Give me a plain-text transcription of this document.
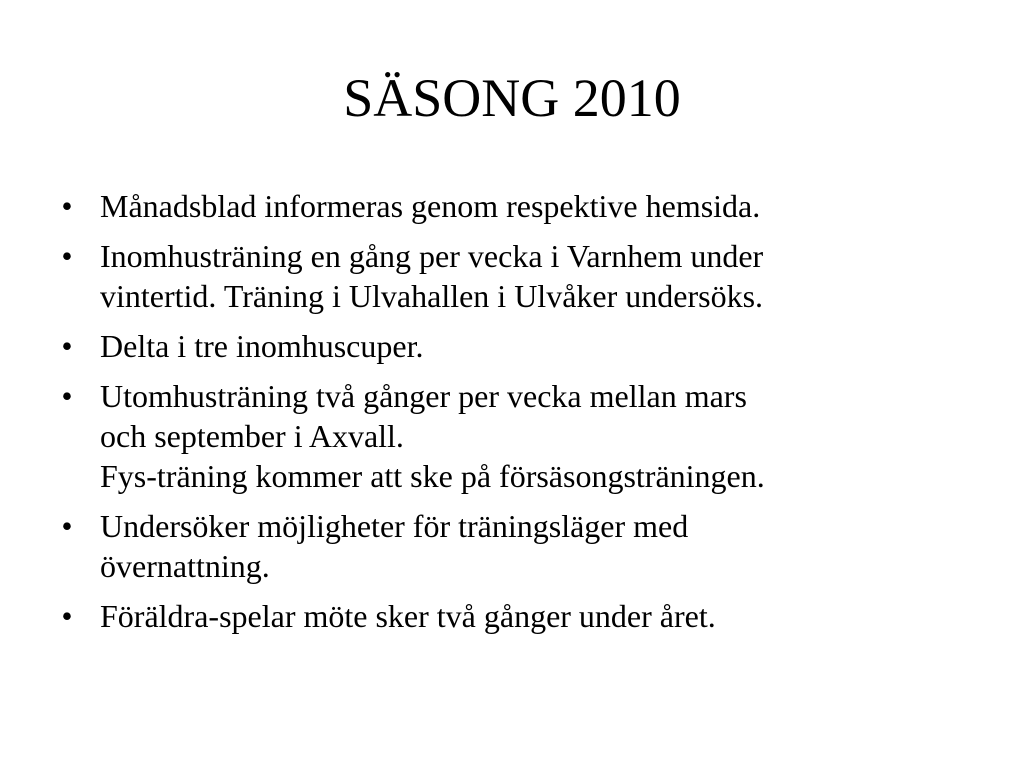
SÄSONG 2010
• Månadsblad informeras genom respektive hemsida.
• Inomhusträning en gång per vecka i Varnhem under
vintertid. Träning i Ulvahallen i Ulvåker undersöks.
• Delta i tre inomhuscuper.
• Utomhusträning två gånger per vecka mellan mars
och september i Axvall.
Fys-träning kommer att ske på försäsongsträningen.
• Undersöker möjligheter för träningsläger med
övernattning.
• Föräldra-spelar möte sker två gånger under året.
